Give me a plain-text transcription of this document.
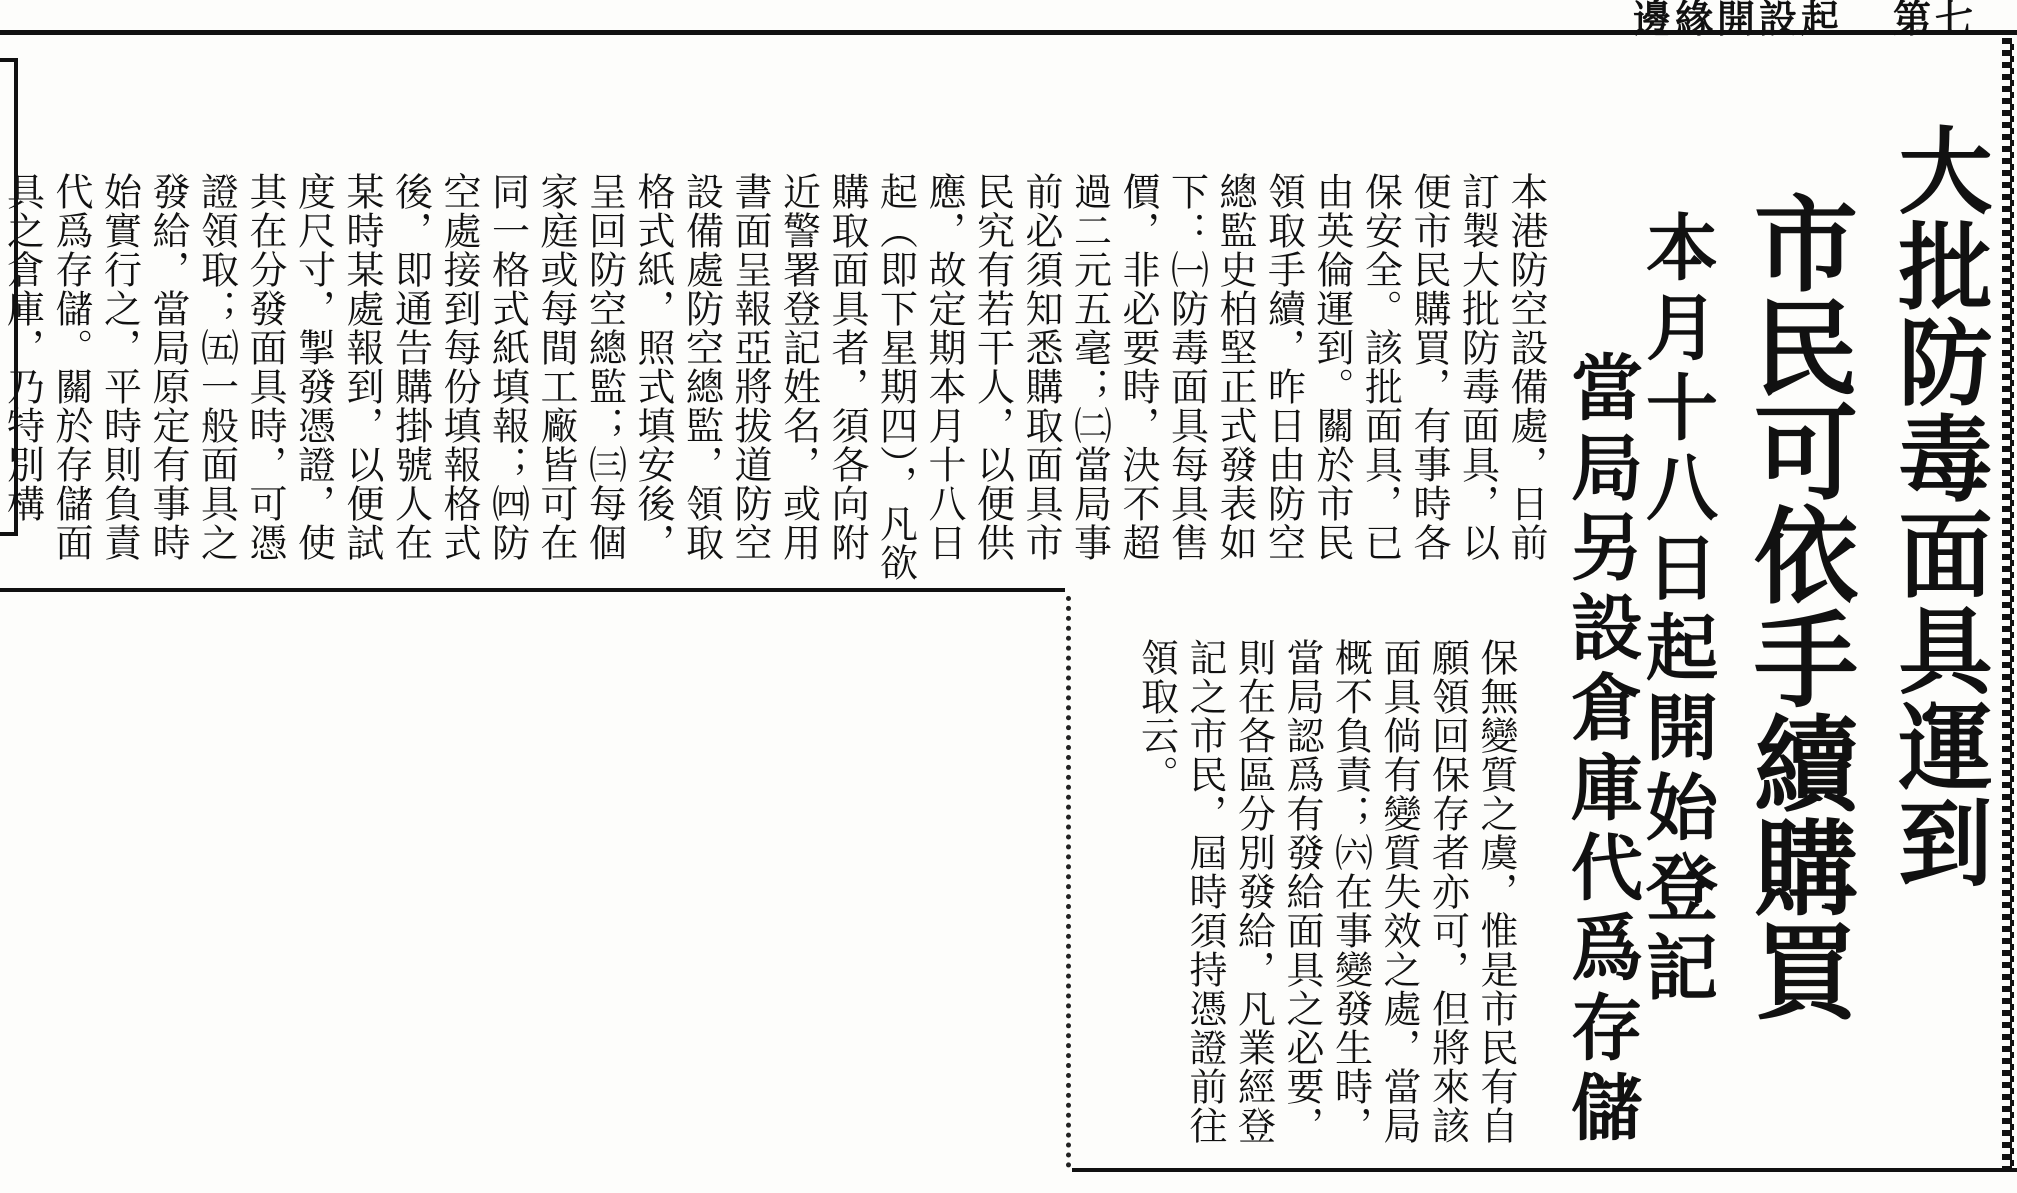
邊緣開設起 第七
大批防毒面具運到
市民可依手續購買
本月十八日起開始登記
當局另設倉庫代爲存儲
本港防空設備處，日前訂製大批防毒面具，以便市民購買，有事時各保安全。該批面具，已由英倫運到。關於市民領取手續，昨日由防空總監史柏堅正式發表如下：㈠防毒面具每具售價，非必要時，決不超過二元五毫；㈡當局事前必須知悉購取面具市民究有若干人，以便供應，故定期本月十八日起（即下星期四），凡欲購取面具者，須各向附近警署登記姓名，或用書面呈報亞將拔道防空設備處防空總監，領取格式紙，照式填安後，呈回防空總監；㈢每個家庭或每間工廠皆可在同一格式紙填報；㈣防空處接到每份填報格式後，即通告購掛號人在某時某處報到，以便試度尺寸，掣發憑證，使其在分發面具時，可憑證領取；㈤一般面具之發給，當局原定有事時始實行之，平時則負責代爲存儲。關於存儲面具之倉庫，乃特別構
保無變質之虞，惟是市民有自願領回保存者亦可，但將來該面具倘有變質失效之處，當局概不負責；㈥在事變發生時，當局認爲有發給面具之必要，則在各區分別發給，凡業經登記之市民，屆時須持憑證前往領取云。
